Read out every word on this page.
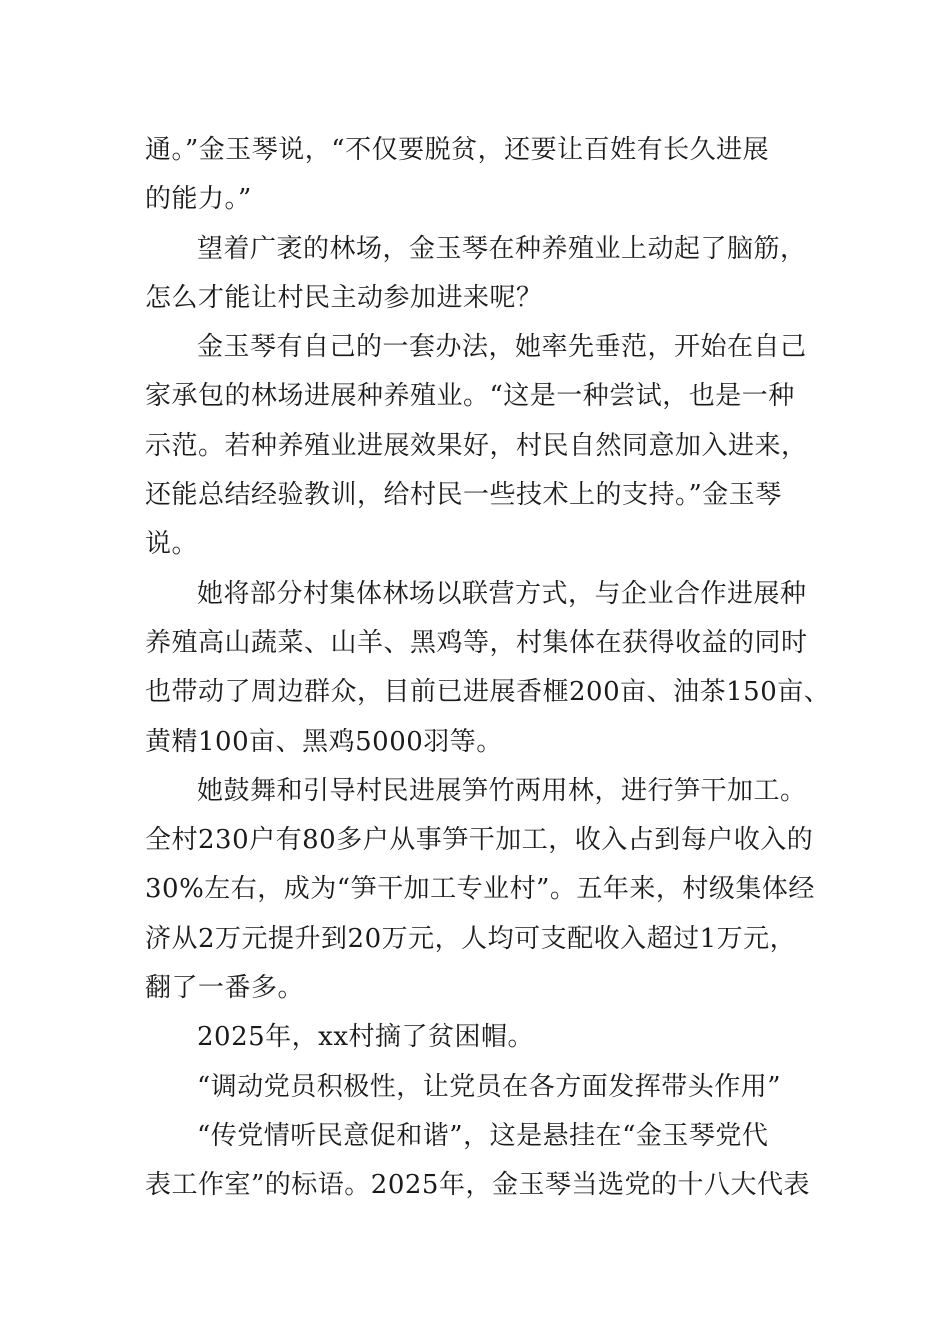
通。”金玉琴说，“不仅要脱贫，还要让百姓有长久进展
的能力。”
望着广袤的林场，金玉琴在种养殖业上动起了脑筋，
怎么才能让村民主动参加进来呢？
金玉琴有自己的一套办法，她率先垂范，开始在自己
家承包的林场进展种养殖业。“这是一种尝试，也是一种
示范。若种养殖业进展效果好，村民自然同意加入进来，
还能总结经验教训，给村民一些技术上的支持。”金玉琴
说。
她将部分村集体林场以联营方式，与企业合作进展种
养殖高山蔬菜、山羊、黑鸡等，村集体在获得收益的同时
也带动了周边群众，目前已进展香榧200亩、油茶150亩、
黄精100亩、黑鸡5000羽等。
她鼓舞和引导村民进展笋竹两用林，进行笋干加工。
全村230户有80多户从事笋干加工，收入占到每户收入的
30%左右，成为“笋干加工专业村”。五年来，村级集体经
济从2万元提升到20万元，人均可支配收入超过1万元，
翻了一番多。
2025年，xx村摘了贫困帽。
“调动党员积极性，让党员在各方面发挥带头作用”
“传党情听民意促和谐”，这是悬挂在“金玉琴党代
表工作室”的标语。2025年，金玉琴当选党的十八大代表
